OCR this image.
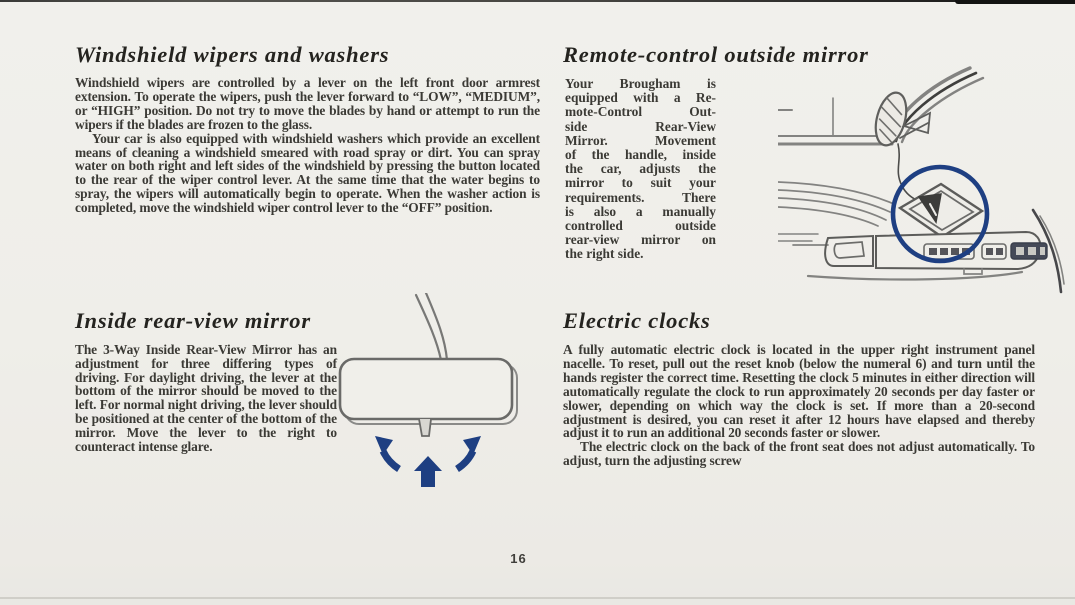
Windshield wipers and washers

Windshield wipers are controlled by a lever on the left front door armrest extension. To operate the wipers, push the lever forward to “LOW”, “MEDIUM”, or “HIGH” position. Do not try to move the blades by hand or attempt to run the wipers if the blades are frozen to the glass.

Your car is also equipped with windshield washers which provide an excellent means of cleaning a windshield smeared with road spray or dirt. You can spray water on both right and left sides of the windshield by pressing the button located to the rear of the wiper control lever. At the same time that the water begins to spray, the wipers will automatically begin to operate. When the washer action is completed, move the windshield wiper control lever to the “OFF” position.

Remote-control outside mirror
Your Brougham is
equipped with a Re-
mote-Control Out-
side Rear-View
Mirror. Movement
of the handle, inside
the car, adjusts the
mirror to suit your
requirements. There
is also a manually
controlled outside
rear-view mirror on
the right side.
Inside rear-view mirror

The 3-Way Inside Rear-View Mirror has an adjustment for three differing types of driving. For daylight driving, the lever at the bottom of the mirror should be moved to the left. For normal night driving, the lever should be positioned at the center of the bottom of the mirror. Move the lever to the right to counteract intense glare.

Electric clocks

A fully automatic electric clock is located in the upper right instrument panel nacelle. To reset, pull out the reset knob (below the numeral 6) and turn until the hands register the correct time. Resetting the clock 5 minutes in either direction will automatically regulate the clock to run approximately 20 seconds per day faster or slower, depending on which way the clock is set. If more than a 20-second adjustment is desired, you can reset it after 12 hours have elapsed and thereby adjust it to run an additional 20 seconds faster or slower.

The electric clock on the back of the front seat does not adjust automatically. To adjust, turn the adjusting screw

16
